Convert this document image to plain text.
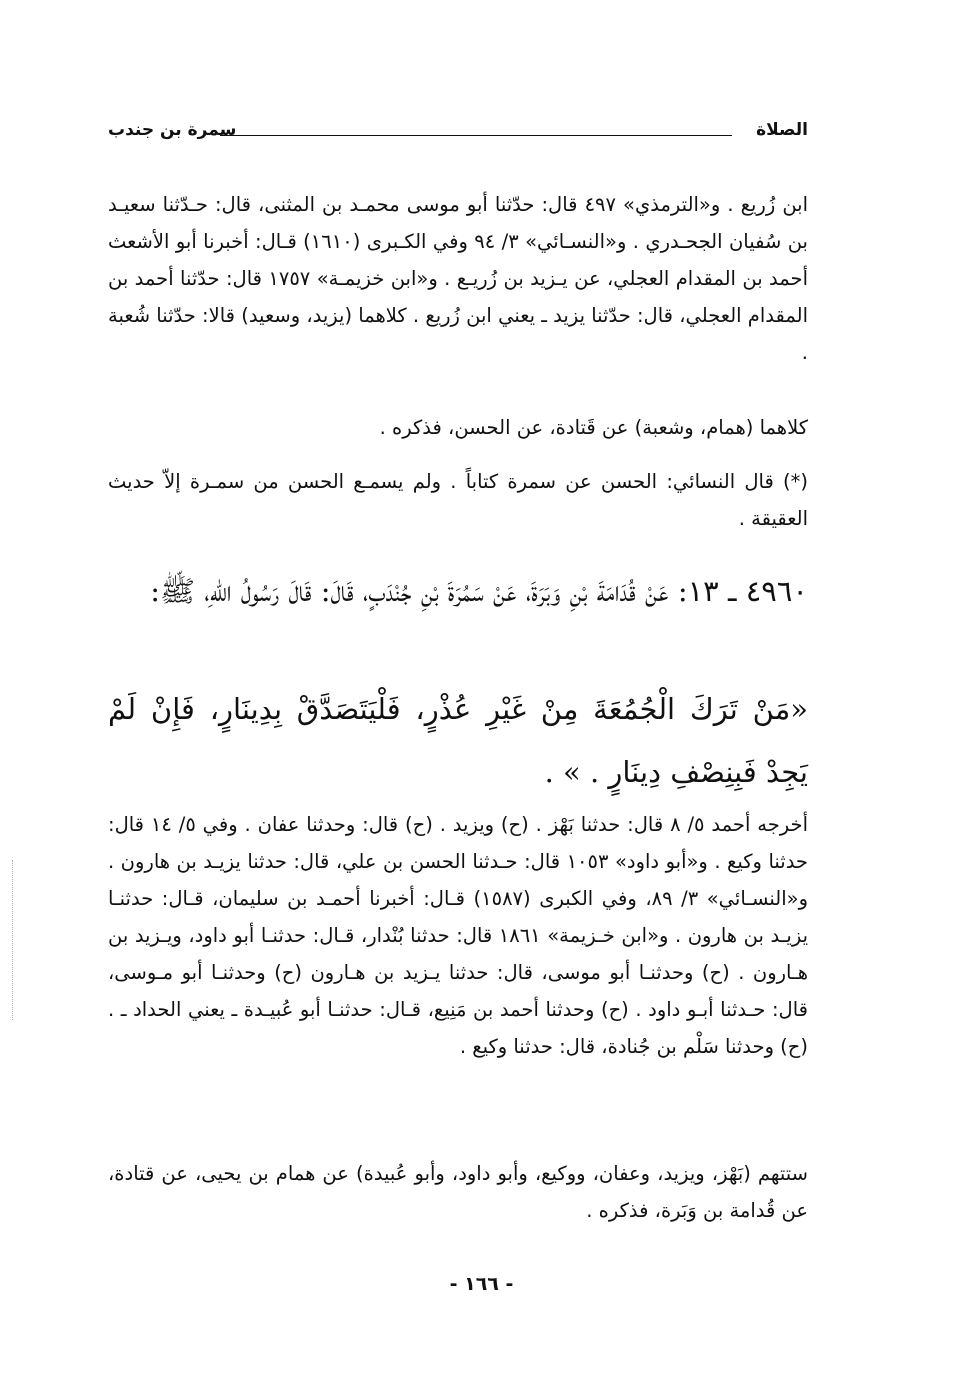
الصلاة
سمرة بن جندب
ابن زُريع . و«الترمذي» ٤٩٧ قال: حدّثنا أبو موسى محمـد بن المثنى، قال: حـدّثنا سعيـد بن سُفيان الجحـدري . و«النسـائي» ٣/ ٩٤ وفي الكـبرى (١٦١٠) قـال: أخبرنا أبو الأشعث أحمد بن المقدام العجلي، عن يـزيد بن زُريـع . و«ابن خزيمـة» ١٧٥٧ قال: حدّثنا أحمد بن المقدام العجلي، قال: حدّثنا يزيد ـ يعني ابن زُريع . كلاهما (يزيد، وسعيد) قالا: حدّثنا شُعبة .
كلاهما (همام، وشعبة) عن قَتادة، عن الحسن، فذكره .
(*) قال النسائي: الحسن عن سمرة كتاباً . ولم يسمـع الحسن من سمـرة إلاّ حديث العقيقة .
٤٩٦٠ ـ ١٣: عَنْ قُدَامَةَ بْنِ وَبَرَةَ، عَنْ سَمُرَةَ بْنِ جُنْدَبٍ، قَالَ: قَالَ رَسُولُ اللّهِ، ﷺ:
«مَنْ تَرَكَ الْجُمُعَةَ مِنْ غَيْرِ عُذْرٍ، فَلْيَتَصَدَّقْ بِدِينَارٍ، فَإِنْ لَمْ يَجِدْ فَبِنِصْفِ دِينَارٍ . » .
أخرجه أحمد ٥/ ٨ قال: حدثنا بَهْز . (ح) ويزيد . (ح) قال: وحدثنا عفان . وفي ٥/ ١٤ قال: حدثنا وكيع . و«أبو داود» ١٠٥٣ قال: حـدثنا الحسن بن علي، قال: حدثنا يزيـد بن هارون . و«النسـائي» ٣/ ٨٩، وفي الكبرى (١٥٨٧) قـال: أخبرنا أحمـد بن سليمان، قـال: حدثنـا يزيـد بن هارون . و«ابن خـزيمة» ١٨٦١ قال: حدثنا بُنْدار، قـال: حدثنـا أبو داود، ويـزيد بن هـارون . (ح) وحدثنـا أبو موسى، قال: حدثنا يـزيد بن هـارون (ح) وحدثنـا أبو مـوسى، قال: حـدثنا أبـو داود . (ح) وحدثنا أحمد بن مَنِيع، قـال: حدثنـا أبو عُبيـدة ـ يعني الحداد ـ . (ح) وحدثنا سَلْم بن جُنادة، قال: حدثنا وكيع .
ستتهم (بَهْز، ويزيد، وعفان، ووكيع، وأبو داود، وأبو عُبيدة) عن همام بن يحيى، عن قتادة، عن قُدامة بن وَبَرة، فذكره .
- ١٦٦ -
